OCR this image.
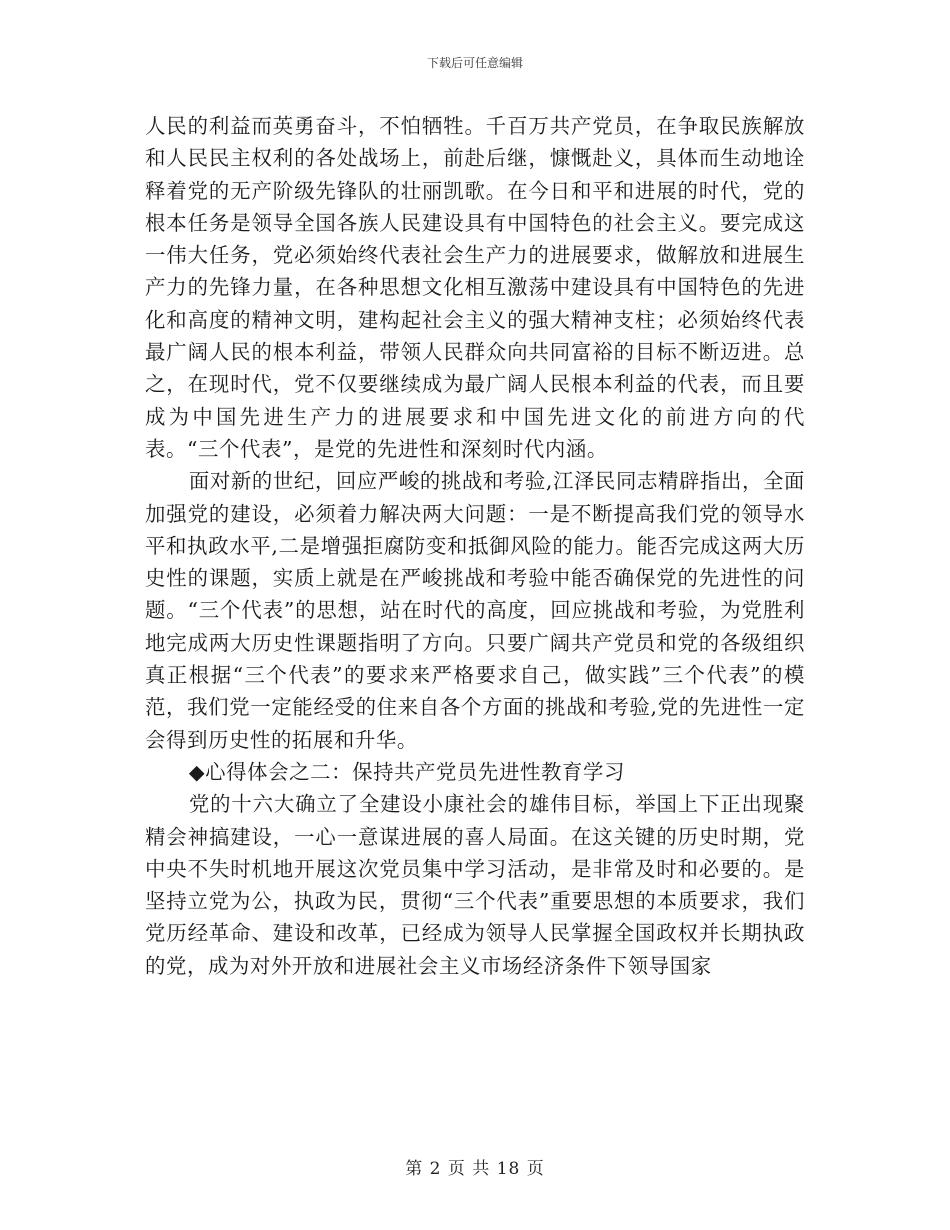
下载后可任意编辑

人民的利益而英勇奋斗，不怕牺牲。千百万共产党员，在争取民族解放和人民民主权利的各处战场上，前赴后继，慷慨赴义，具体而生动地诠释着党的无产阶级先锋队的壮丽凯歌。在今日和平和进展的时代，党的根本任务是领导全国各族人民建设具有中国特色的社会主义。要完成这一伟大任务，党必须始终代表社会生产力的进展要求，做解放和进展生产力的先锋力量，在各种思想文化相互激荡中建设具有中国特色的先进化和高度的精神文明，建构起社会主义的强大精神支柱；必须始终代表最广阔人民的根本利益，带领人民群众向共同富裕的目标不断迈进。总之，在现时代，党不仅要继续成为最广阔人民根本利益的代表，而且要成为中国先进生产力的进展要求和中国先进文化的前进方向的代表。“三个代表”，是党的先进性和深刻时代内涵。

面对新的世纪，回应严峻的挑战和考验,江泽民同志精辟指出，全面加强党的建设，必须着力解决两大问题：一是不断提高我们党的领导水平和执政水平,二是增强拒腐防变和抵御风险的能力。能否完成这两大历史性的课题，实质上就是在严峻挑战和考验中能否确保党的先进性的问题。“三个代表”的思想，站在时代的高度，回应挑战和考验，为党胜利地完成两大历史性课题指明了方向。只要广阔共产党员和党的各级组织真正根据“三个代表”的要求来严格要求自己，做实践”三个代表”的模范，我们党一定能经受的住来自各个方面的挑战和考验,党的先进性一定会得到历史性的拓展和升华。

◆心得体会之二：保持共产党员先进性教育学习

党的十六大确立了全建设小康社会的雄伟目标，举国上下正出现聚精会神搞建设，一心一意谋进展的喜人局面。在这关键的历史时期，党中央不失时机地开展这次党员集中学习活动，是非常及时和必要的。是坚持立党为公，执政为民，贯彻“三个代表”重要思想的本质要求，我们党历经革命、建设和改革，已经成为领导人民掌握全国政权并长期执政的党，成为对外开放和进展社会主义市场经济条件下领导国家

第 2 页 共 18 页
